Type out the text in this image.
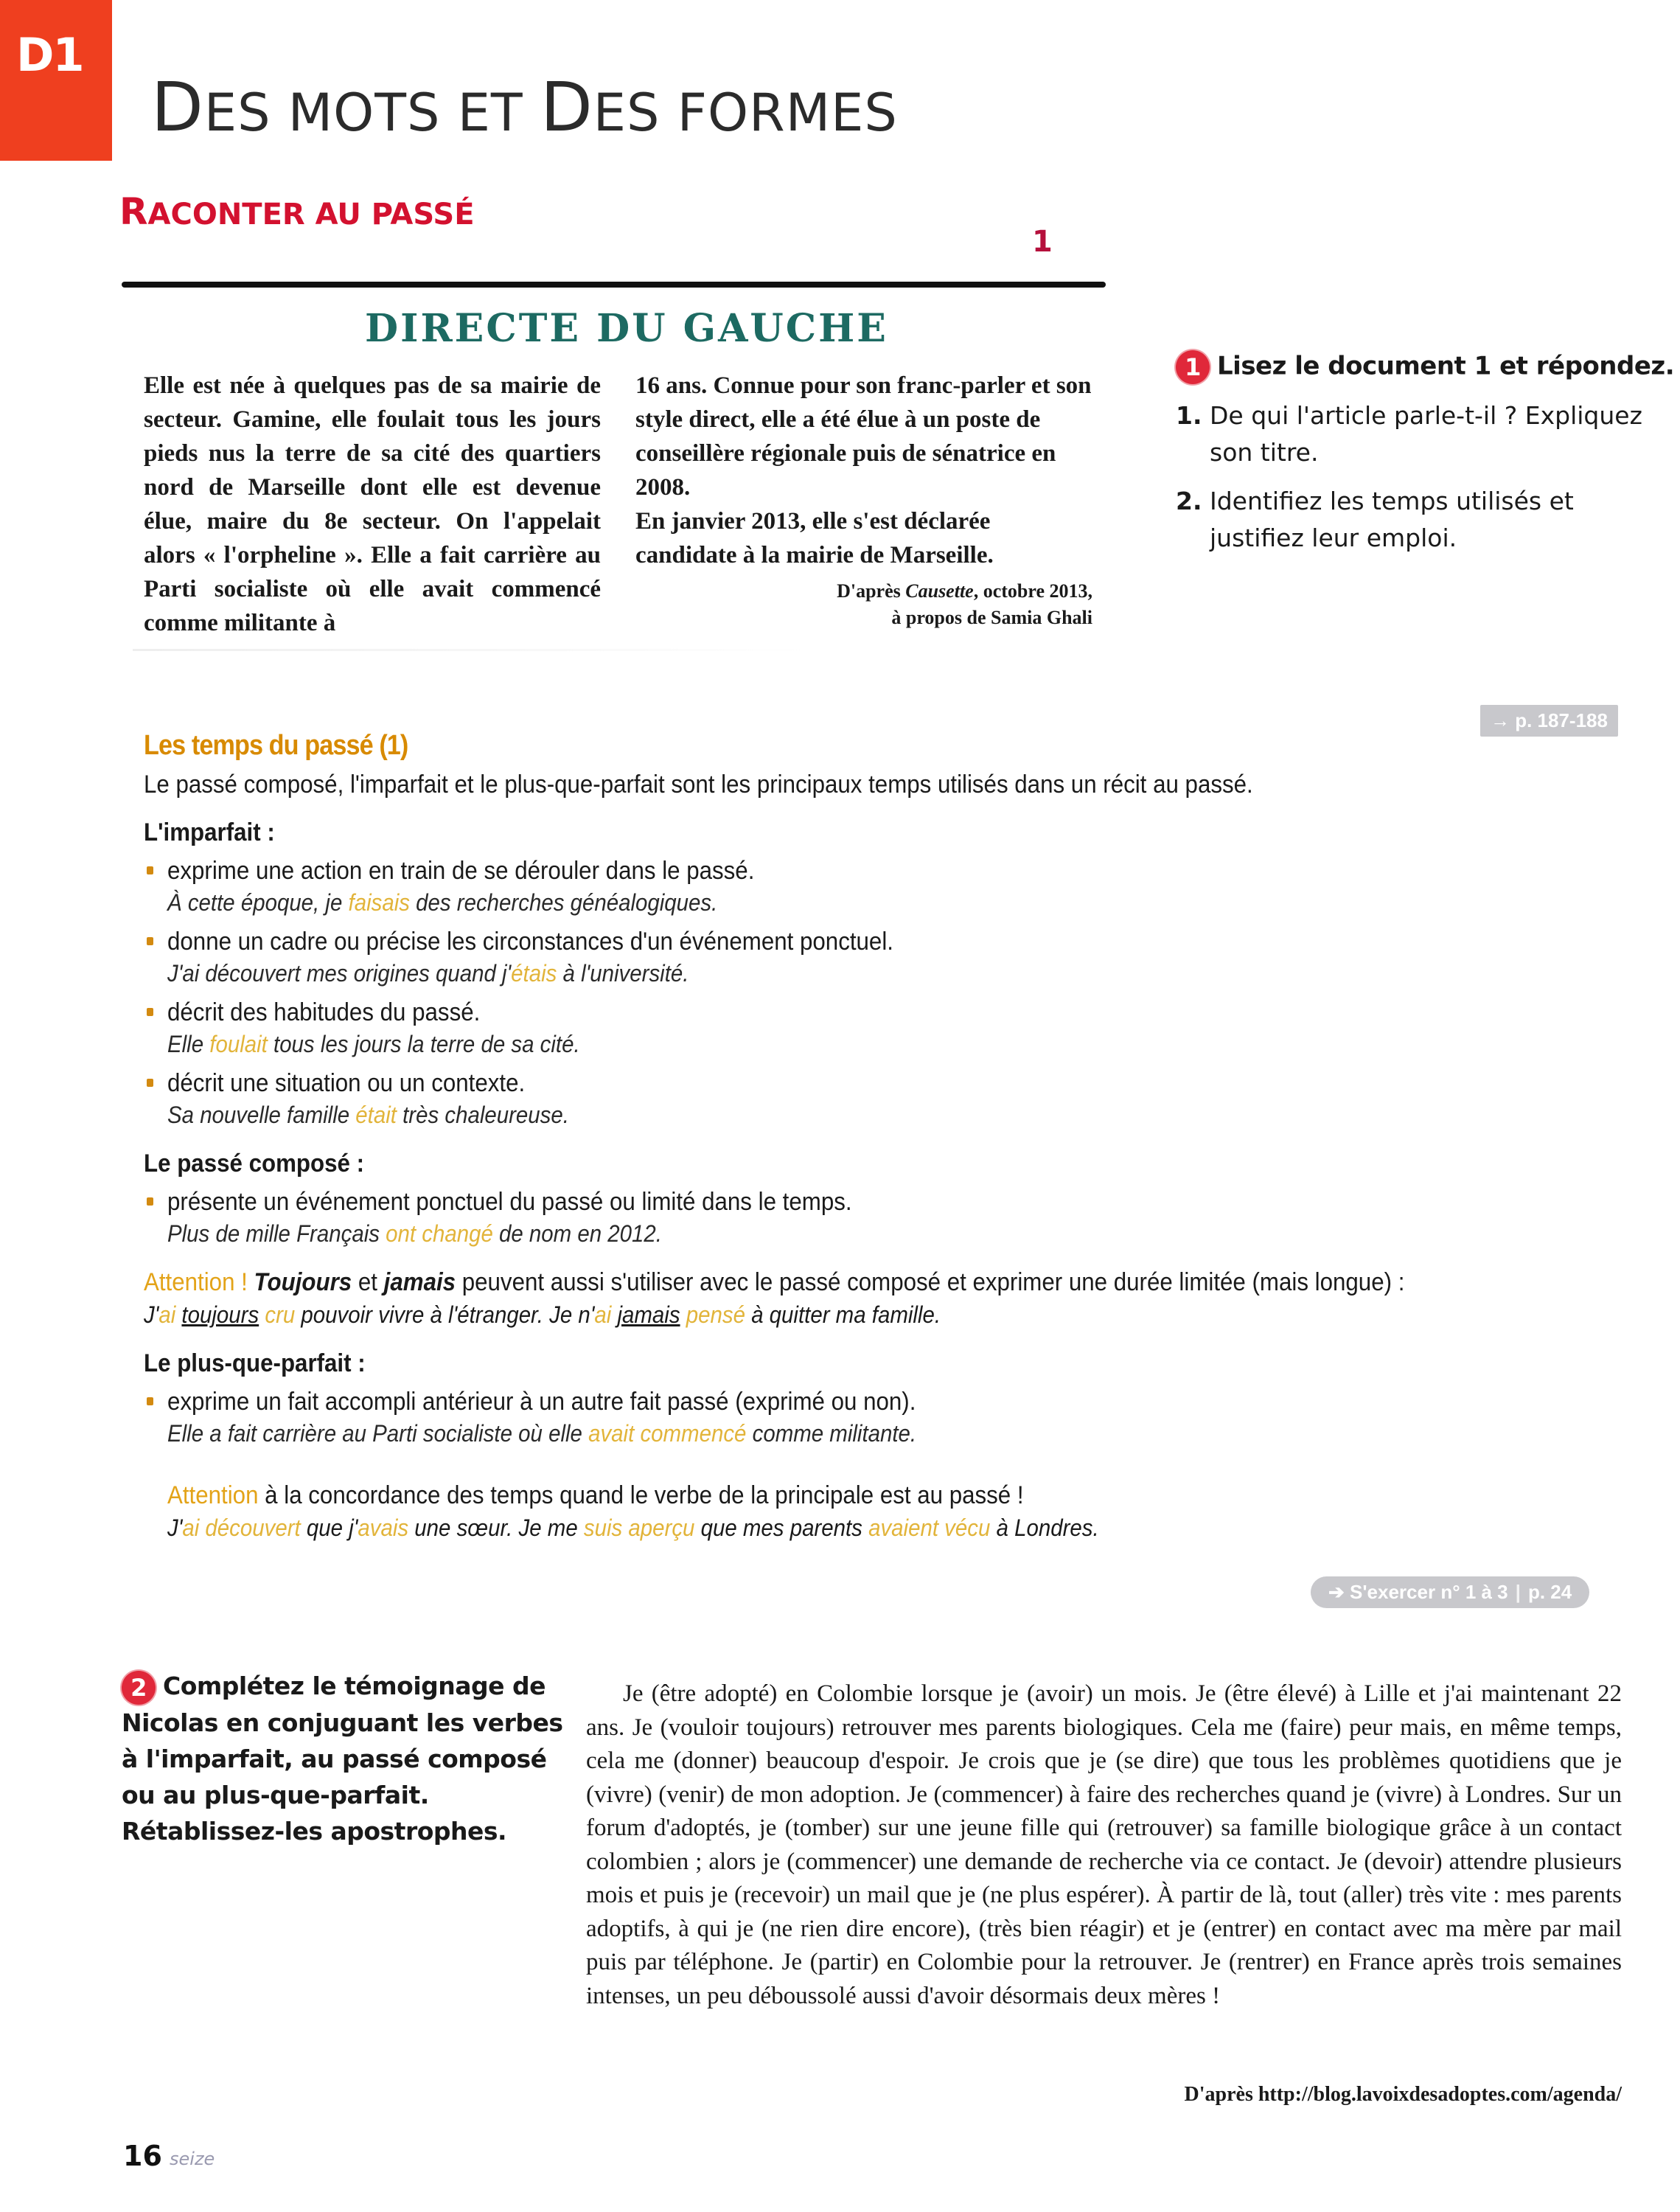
D1
DES MOTS ET DES FORMES
RACONTER AU PASSÉ
1
DIRECTE DU GAUCHE

Elle est née à quelques pas de sa mairie de secteur. Gamine, elle foulait tous les jours pieds nus la terre de sa cité des quartiers nord de Marseille dont elle est devenue élue, maire du 8e secteur. On l'appelait alors « l'orpheline ». Elle a fait carrière au Parti socialiste où elle avait commencé comme militante à

16 ans. Connue pour son franc-parler et son style direct, elle a été élue à un poste de conseillère régionale puis de sénatrice en 2008.

En janvier 2013, elle s'est déclarée candidate à la mairie de Marseille.

D'après Causette, octobre 2013,
à propos de Samia Ghali
1 Lisez le document 1 et répondez.
1. De qui l'article parle-t-il ? Expliquez son titre.
2. Identifiez les temps utilisés et justifiez leur emploi.
→ p. 187-188
Les temps du passé (1)
Le passé composé, l'imparfait et le plus-que-parfait sont les principaux temps utilisés dans un récit au passé.
L'imparfait :
exprime une action en train de se dérouler dans le passé.
À cette époque, je faisais des recherches généalogiques.
donne un cadre ou précise les circonstances d'un événement ponctuel.
J'ai découvert mes origines quand j'étais à l'université.
décrit des habitudes du passé.
Elle foulait tous les jours la terre de sa cité.
décrit une situation ou un contexte.
Sa nouvelle famille était très chaleureuse.
Le passé composé :
présente un événement ponctuel du passé ou limité dans le temps.
Plus de mille Français ont changé de nom en 2012.
Attention ! Toujours et jamais peuvent aussi s'utiliser avec le passé composé et exprimer une durée limitée (mais longue) :
J'ai toujours cru pouvoir vivre à l'étranger. Je n'ai jamais pensé à quitter ma famille.
Le plus-que-parfait :
exprime un fait accompli antérieur à un autre fait passé (exprimé ou non).
Elle a fait carrière au Parti socialiste où elle avait commencé comme militante.
Attention à la concordance des temps quand le verbe de la principale est au passé !
J'ai découvert que j'avais une sœur. Je me suis aperçu que mes parents avaient vécu à Londres.
➔ S'exercer n° 1 à 3 | p. 24
2 Complétez le témoignage de Nicolas en conjuguant les verbes à l'imparfait, au passé composé ou au plus-que-parfait. Rétablissez-les apostrophes.
Je (être adopté) en Colombie lorsque je (avoir) un mois. Je (être élevé) à Lille et j'ai maintenant 22 ans. Je (vouloir toujours) retrouver mes parents biologiques. Cela me (faire) peur mais, en même temps, cela me (donner) beaucoup d'espoir. Je crois que je (se dire) que tous les problèmes quotidiens que je (vivre) (venir) de mon adoption. Je (commencer) à faire des recherches quand je (vivre) à Londres. Sur un forum d'adoptés, je (tomber) sur une jeune fille qui (retrouver) sa famille biologique grâce à un contact colombien ; alors je (commencer) une demande de recherche via ce contact. Je (devoir) attendre plusieurs mois et puis je (recevoir) un mail que je (ne plus espérer). À partir de là, tout (aller) très vite : mes parents adoptifs, à qui je (ne rien dire encore), (très bien réagir) et je (entrer) en contact avec ma mère par mail puis par téléphone. Je (partir) en Colombie pour la retrouver. Je (rentrer) en France après trois semaines intenses, un peu déboussolé aussi d'avoir désormais deux mères !
D'après http://blog.lavoixdesadoptes.com/agenda/
16 seize
